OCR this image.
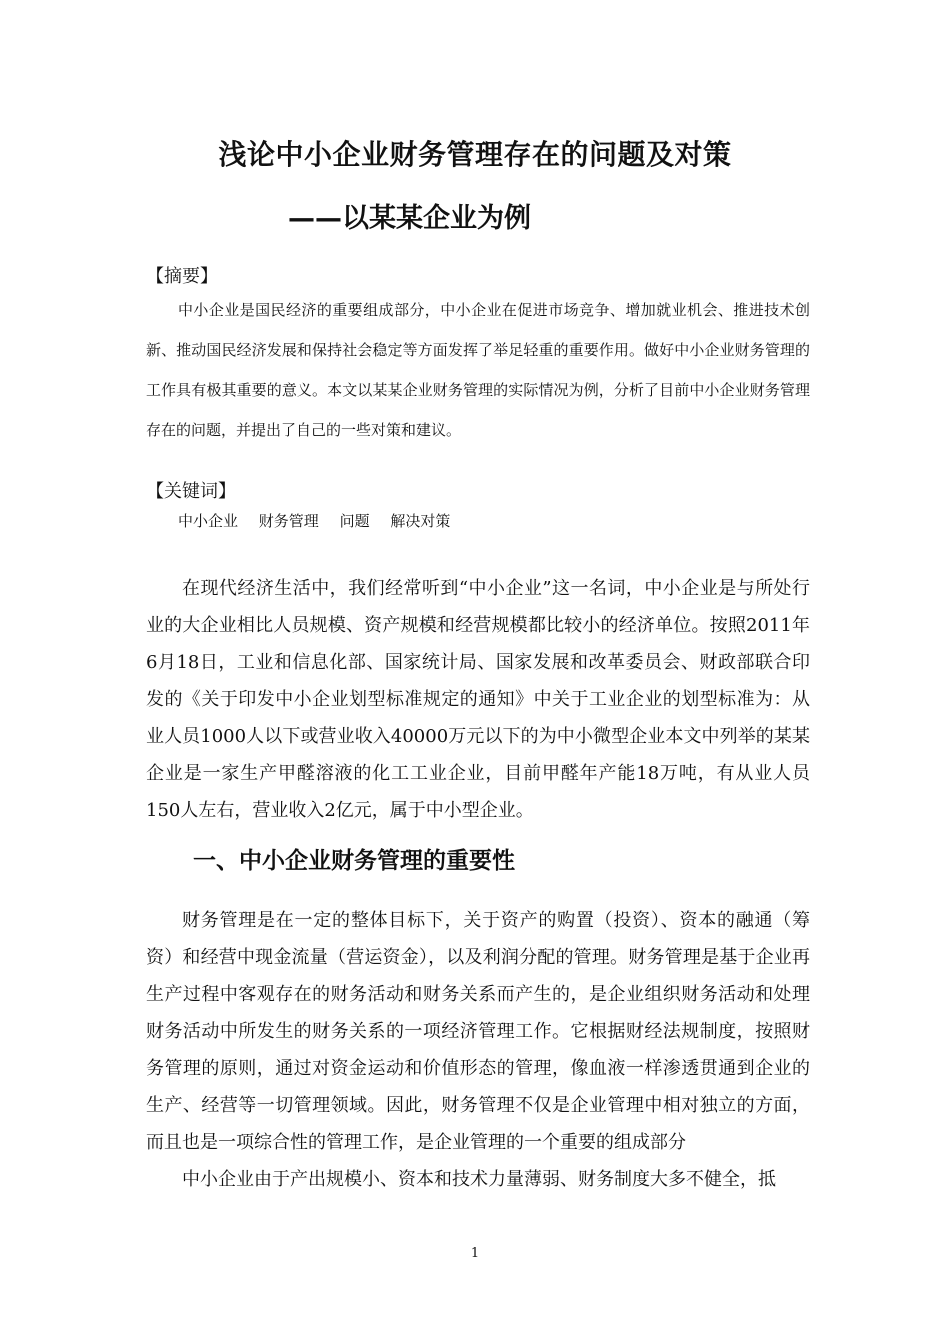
浅论中小企业财务管理存在的问题及对策
——以某某企业为例
【摘要】

中小企业是国民经济的重要组成部分，中小企业在促进市场竞争、增加就业机会、推进技术创新、推动国民经济发展和保持社会稳定等方面发挥了举足轻重的重要作用。做好中小企业财务管理的工作具有极其重要的意义。本文以某某企业财务管理的实际情况为例，分析了目前中小企业财务管理存在的问题，并提出了自己的一些对策和建议。

【关键词】
中小企业 财务管理 问题 解决对策

在现代经济生活中，我们经常听到“中小企业”这一名词，中小企业是与所处行业的大企业相比人员规模、资产规模和经营规模都比较小的经济单位。按照2011年6月18日，工业和信息化部、国家统计局、国家发展和改革委员会、财政部联合印发的《关于印发中小企业划型标准规定的通知》中关于工业企业的划型标准为：从业人员1000人以下或营业收入40000万元以下的为中小微型企业本文中列举的某某企业是一家生产甲醛溶液的化工工业企业，目前甲醛年产能18万吨，有从业人员150人左右，营业收入2亿元，属于中小型企业。

一、中小企业财务管理的重要性

财务管理是在一定的整体目标下，关于资产的购置（投资）、资本的融通（筹资）和经营中现金流量（营运资金），以及利润分配的管理。财务管理是基于企业再生产过程中客观存在的财务活动和财务关系而产生的，是企业组织财务活动和处理财务活动中所发生的财务关系的一项经济管理工作。它根据财经法规制度，按照财务管理的原则，通过对资金运动和价值形态的管理，像血液一样渗透贯通到企业的生产、经营等一切管理领域。因此，财务管理不仅是企业管理中相对独立的方面，而且也是一项综合性的管理工作，是企业管理的一个重要的组成部分

中小企业由于产出规模小、资本和技术力量薄弱、财务制度大多不健全，抵

1
